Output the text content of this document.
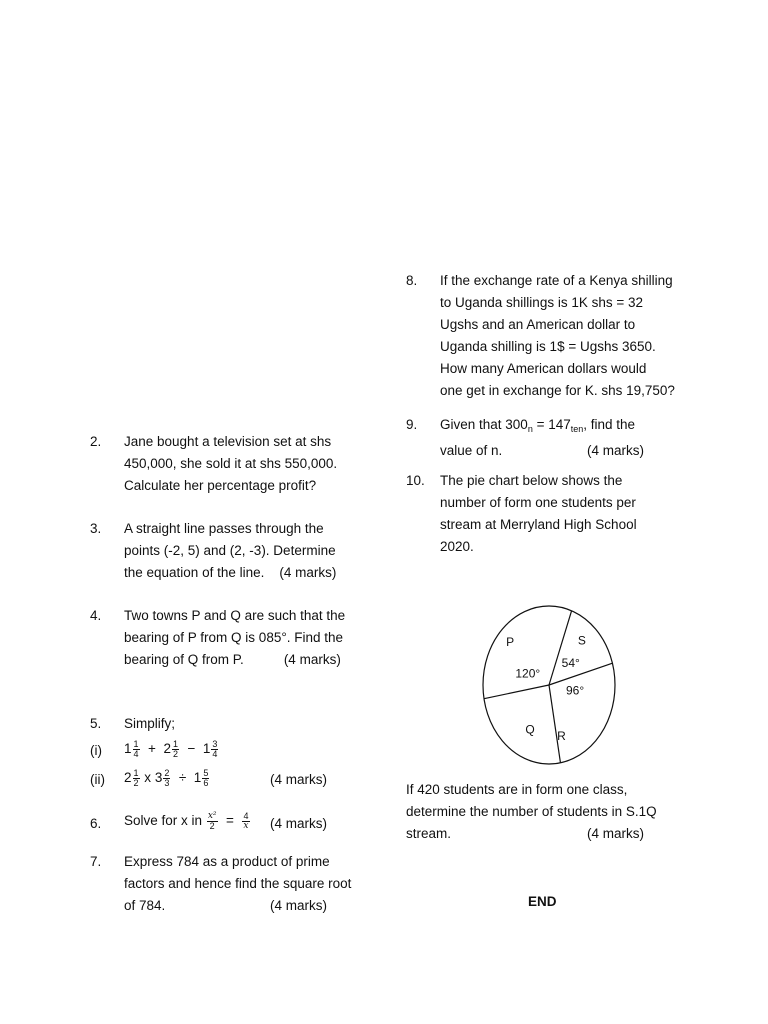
2. Jane bought a television set at shs
450,000, she sold it at shs 550,000.
Calculate her percentage profit?
3. A straight line passes through the
points (-2, 5) and (2, -3). Determine
the equation of the line. (4 marks)
4. Two towns P and Q are such that the
bearing of P from Q is 085°. Find the
bearing of Q from P.	(4 marks)
5. Simplify;
(i) $1 \frac{1}{4} + 2 \frac{1}{2} - 1 \frac{3}{4}$
(ii) $2 \frac{1}{2}$ x $3 \frac{2}{3} \div 1 \frac{5}{6}$	(4 marks)
6. Solve for x in $\frac{\text{x²}}{2} = \frac{4}{x} (4$ marks)
7. Express 784 as a product of prime
factors and hence find the square root
of 784.	(4 marks)
8. If the exchange rate of a Kenya shilling
to Uganda shillings is 1K shs = 32
Ugshs and an American dollar to
Uganda shilling is 1$ = Ugshs 3650.
How many American dollars would
one get in exchange for K. shs 19,750?
9. Given that $300_n = 147_{ten}$, find the
value of n.	(4 marks)
10. The pie chart below shows the
number of form one students per
stream at Merryland High School
2020.
P
120°
S
54°
R
96°
Q
If 420 students are in form one class,
determine the number of students in S.1Q
stream.	(4 marks)
END
